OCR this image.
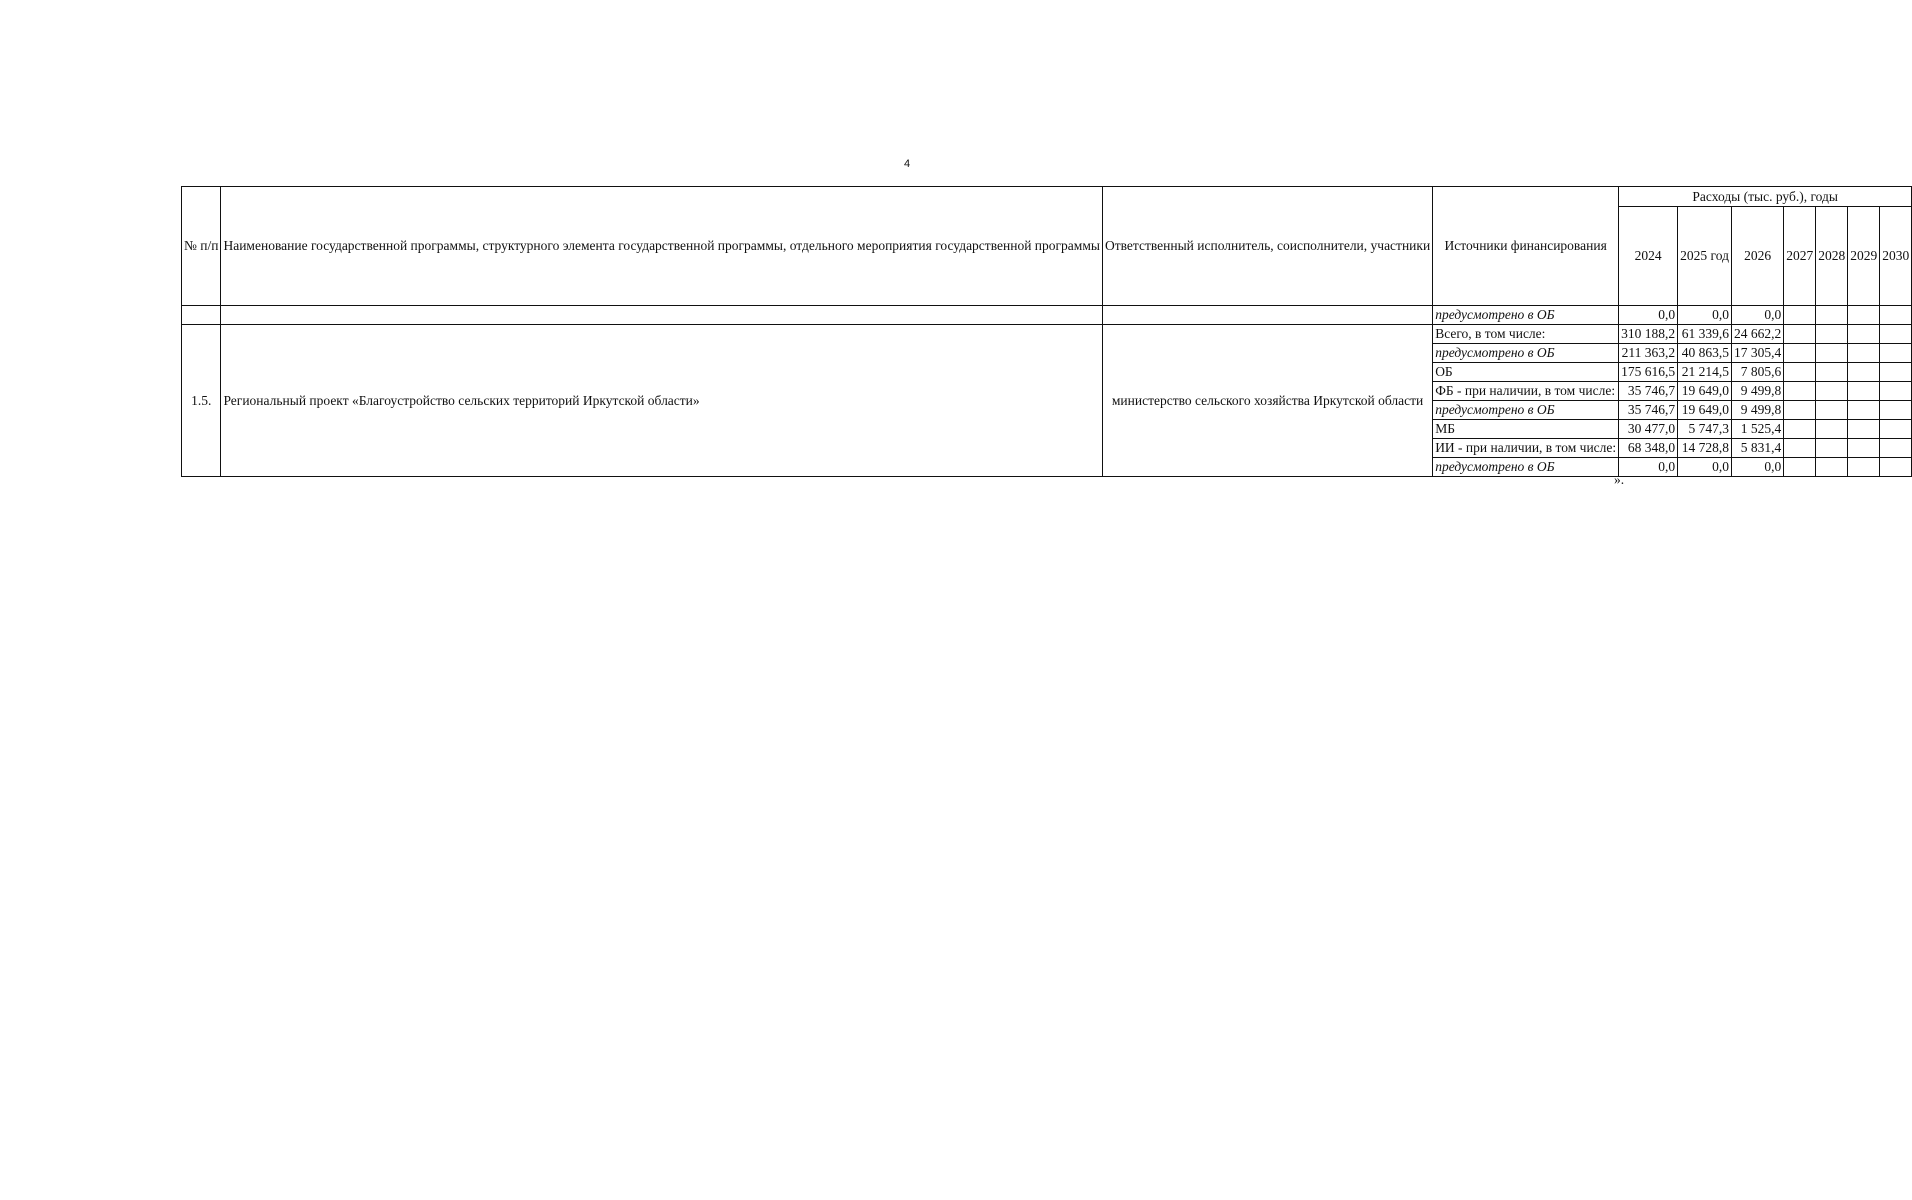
4
№ п/п	Наименование государственной программы, структурного элемента государственной программы, отдельного мероприятия государственной программы	Ответственный исполнитель, соисполнители, участники	Источники финансирования	Расходы (тыс. руб.), годы						
				2024	2025 год	2026	2027	2028	2029	2030
			предусмотрено в ОБ	0,0	0,0	0,0				
1.5.	Региональный проект «Благоустройство сельских территорий Иркутской области»	министерство сельского хозяйства Иркутской области	Всего, в том числе:	310 188,2	61 339,6	24 662,2				
			предусмотрено в ОБ	211 363,2	40 863,5	17 305,4				
			ОБ	175 616,5	21 214,5	7 805,6				
			ФБ - при наличии, в том числе:	35 746,7	19 649,0	9 499,8				
			предусмотрено в ОБ	35 746,7	19 649,0	9 499,8				
			МБ	30 477,0	5 747,3	1 525,4				
			ИИ - при наличии, в том числе:	68 348,0	14 728,8	5 831,4				
			предусмотрено в ОБ	0,0	0,0	0,0				
».
